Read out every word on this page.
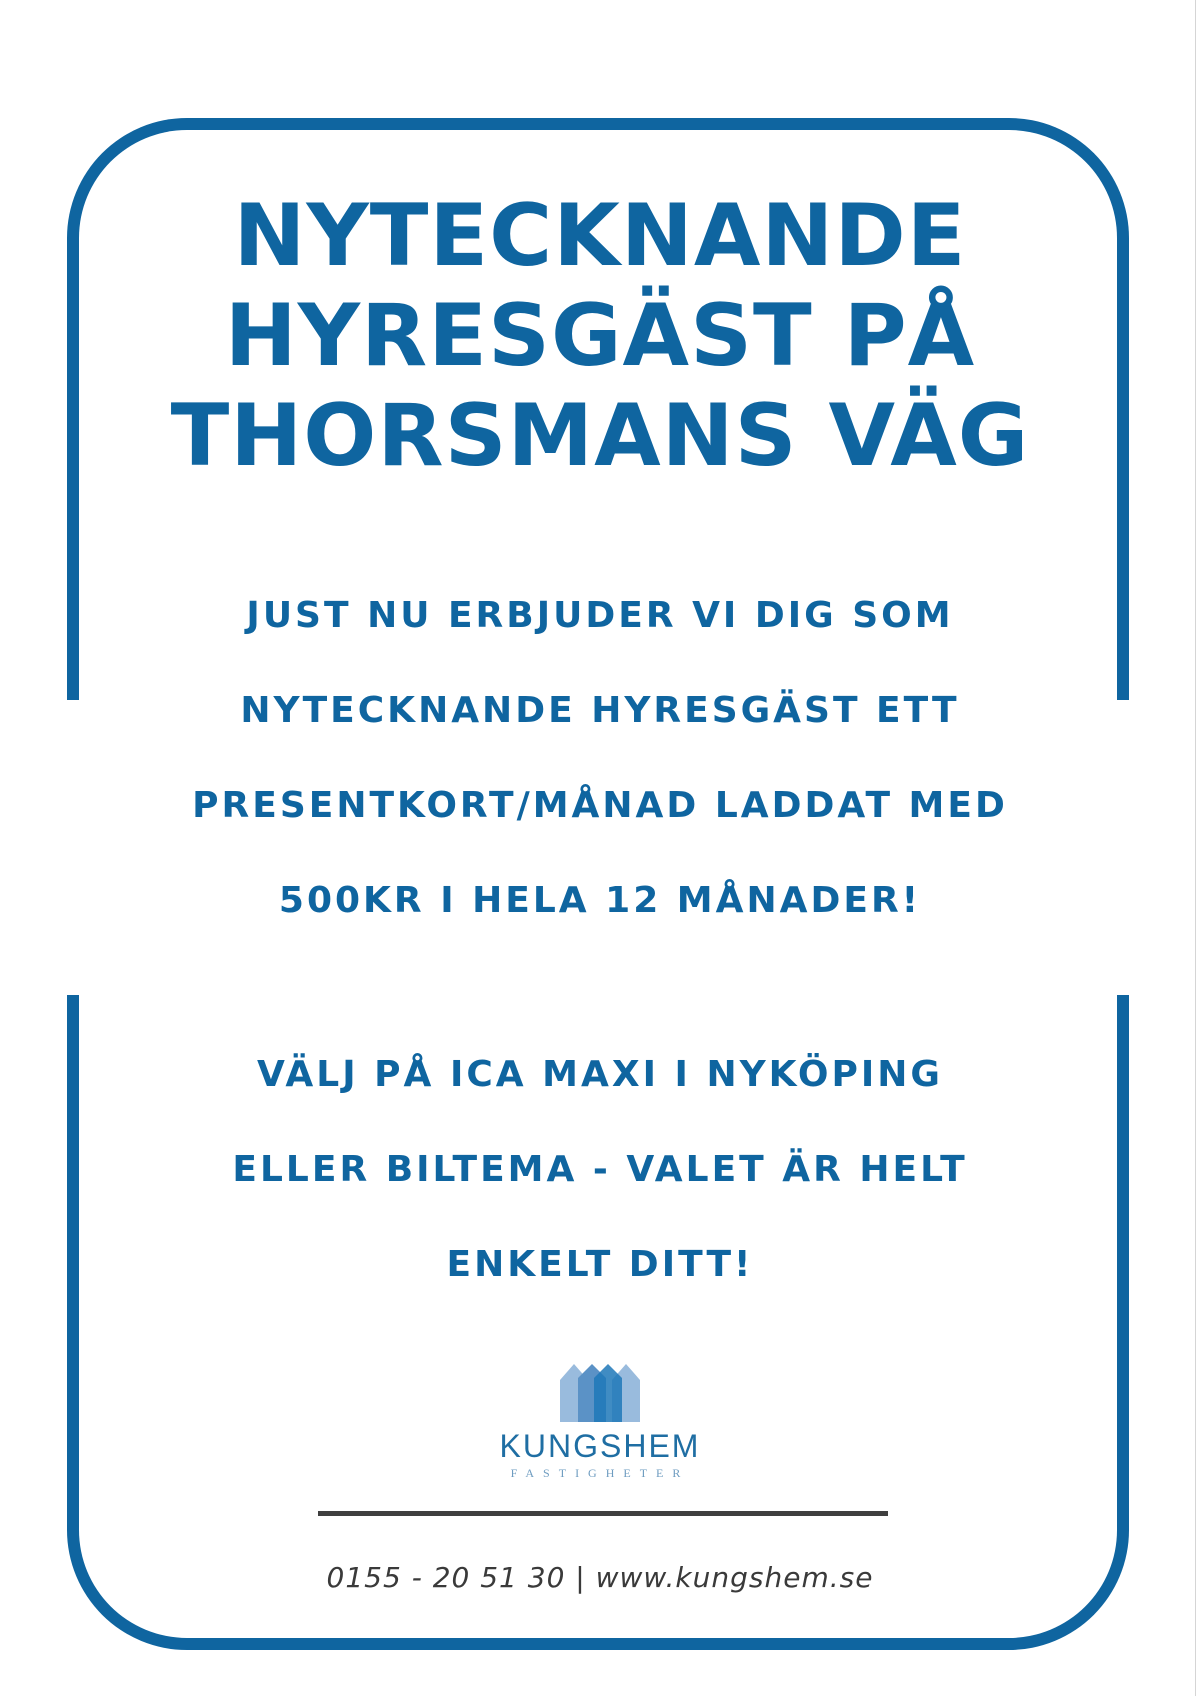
NYTECKNANDE
HYRESGÄST PÅ
THORSMANS VÄG
JUST NU ERBJUDER VI DIG SOM
NYTECKNANDE HYRESGÄST ETT
PRESENTKORT/MÅNAD LADDAT MED
500KR I HELA 12 MÅNADER!
VÄLJ PÅ ICA MAXI I NYKÖPING
ELLER BILTEMA - VALET ÄR HELT
ENKELT DITT!
KUNGSHEM
FASTIGHETER
0155 - 20 51 30 | www.kungshem.se
